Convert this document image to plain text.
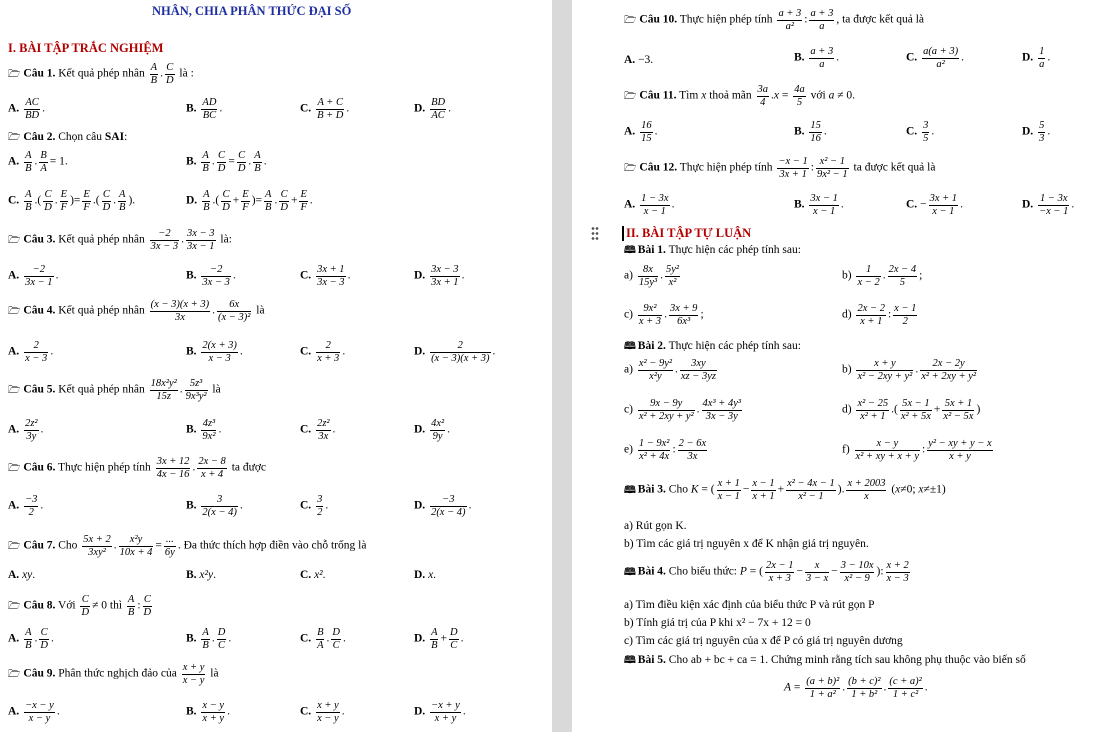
NHÂN, CHIA PHÂN THỨC ĐẠI SỐ
I. BÀI TẬP TRẮC NGHIỆM
🗁 Câu 1. Kết quả phép nhân $\frac{A}{B}$ . $\frac{C}{D}$ là :
A. $\frac{AC}{BD}$ .	B. $\frac{AD}{BC}$ .	C. $\frac{A + C}{B + D}$ .	D. $\frac{BD}{AC}$ .
🗁 Câu 2. Chọn câu SAI:
A. $\frac{A}{B}$ . $\frac{B}{A} = 1$.	B. $\frac{A}{B}$ . $\frac{C}{D} = \frac{C}{D}$ . $\frac{A}{B}$ .
C. $\frac{A}{B}$ .( $\frac{C}{D}$ . $\frac{E}{F}$ )= $\frac{E}{F}$ .( $\frac{C}{D}$ . $\frac{A}{B}$ ).	D. $\frac{A}{B}$ .( $\frac{C}{D} + \frac{E}{F}$ )= $\frac{A}{B}$ . $\frac{C}{D} + \frac{E}{F}$ .
🗁 Câu 3. Kết quả phép nhân $\frac{-2}{3x - 3}$ . $\frac{3x - 3}{3x - 1}$ là:
A. $\frac{-2}{3x - 1}$ .	B. $\frac{-2}{3x - 3}$ .	C. $\frac{3x + 1}{3x - 3}$ .	D. $\frac{3x - 3}{3x + 1}$ .
🗁 Câu 4. Kết quả phép nhân $\frac{(x - 3)(x + 3)}{3x}$ . $\frac{6x}{\text{(x − 3)²}}$ là
A. $\frac{2}{x - 3}$ .	B. $\frac{2(x + 3)}{x - 3}$ .	C. $\frac{2}{x + 3}$ .	D. $\frac{2}{(x - 3)(x + 3)}$ .
🗁 Câu 5. Kết quả phép nhân $\frac{\text{18x²y²}}{15z}$ . $\frac{\text{5z³}}{\text{9x³y²}}$ là
A. $\frac{\text{2z²}}{3y}$ .	B. $\frac{\text{4z³}}{\text{9x²}}$ .	C. $\frac{\text{2z²}}{3x}$ .	D. $\frac{\text{4x²}}{9y}$ .
🗁 Câu 6. Thực hiện phép tính $\frac{3x + 12}{4x - 16}$ . $\frac{2x - 8}{x + 4}$ ta được
A. $\frac{-3}{2}$ .	B. $\frac{3}{2(x - 4)}$ .	C. $\frac{3}{2}$ .	D. $\frac{-3}{2(x - 4)}$ .
🗁 Câu 7. Cho $\frac{5x + 2}{\text{3xy²}}$ . $\frac{\text{x²y}}{10x + 4}$ =
...
6y
. Đa thức thích hợp điền vào chỗ trống là
A. xy.	B. x²y.	C. x².	D. x.
🗁 Câu 8. Với $\frac{C}{D} \ne 0$ thì $\frac{A}{B}$ : $\frac{C}{D}$
A. $\frac{A}{B}$ . $\frac{C}{D}$ .	B. $\frac{A}{B}$ . $\frac{D}{C}$ .	C. $\frac{B}{A}$ . $\frac{D}{C}$ .	D. $\frac{A}{B} + \frac{D}{C}$ .
🗁 Câu 9. Phân thức nghịch đảo của $\frac{x + y}{x - y}$ là
A. $\frac{-x - y}{x - y}$ .	B. $\frac{x - y}{x + y}$ .	C. $\frac{x + y}{x - y}$ .	D. $\frac{-x + y}{x + y}$ .
🗁 Câu 10. Thực hiện phép tính $\frac{a + 3}{\text{a²}}$ : $\frac{a + 3}{a}$ , ta được kết quả là
A. −3.	B. $\frac{a + 3}{a}$ .	C. $\frac{a(a + 3)}{\text{a²}}$ .	D. $\frac{1}{a}$ .
🗁 Câu 11. Tìm x thoả mãn $\frac{3a}{4} .x = \frac{4a}{5}$ với a ≠ 0.
A. $\frac{16}{15}$ .	B. $\frac{15}{16}$ .	C. $\frac{3}{5}$ .	D. $\frac{5}{3}$ .
🗁 Câu 12. Thực hiện phép tính $\frac{-x - 1}{3x + 1}$ : $\frac{\text{x² − 1}}{\text{9x² − 1}}$ ta được kết quả là
A. $\frac{1 - 3x}{x - 1}$ .	B. $\frac{3x - 1}{x - 1}$ .	C. − $\frac{3x + 1}{x - 1}$ .	D. $\frac{1 - 3x}{-x - 1}$ .
II. BÀI TẬP TỰ LUẬN
🕮 Bài 1. Thực hiện các phép tính sau:
$a) \frac{8x}{\text{15y³}}$ . $\frac{\text{5y²}}{\text{x²}}$	$b) \frac{1}{x - 2}$ . $\frac{2x - 4}{5}$ ;
$c) \frac{\text{9x²}}{x + 3}$ . $\frac{3x + 9}{\text{6x³}}$ ;	$d) \frac{2x - 2}{x + 1}$ : $\frac{x - 1}{2}$
🕮 Bài 2. Thực hiện các phép tính sau:
$a) \frac{\text{x² − 9y²}}{\text{x²y}}$ . $\frac{3xy}{xz - 3yz}$	$b) \frac{x + y}{\text{x² − 2xy + y²}}$ . $\frac{2x - 2y}{\text{x² + 2xy + y²}}$
$c) \frac{9x - 9y}{\text{x² + 2xy + y²}}$ . $\frac{\text{4x³ + 4y³}}{3x - 3y}$	$d) \frac{\text{x² − 25}}{\text{x² + 1}}$ .( $\frac{5x - 1}{\text{x² + 5x}} + \frac{5x + 1}{\text{x² − 5x}}$ )
$e) \frac{\text{1 − 9x²}}{\text{x² + 4x}}$ : $\frac{2 - 6x}{3x}$	$f) \frac{x - y}{\text{x² + xy + x + y}}$ : $\frac{\text{y² − xy + y − x}}{x + y}$
🕮 Bài 3. Cho K = ( $\frac{x + 1}{x - 1} - \frac{x - 1}{x + 1} + \frac{\text{x² − 4x − 1}}{\text{x² − 1}}$ ). $\frac{x + 2003}{x} (x\ne 0$; x≠±1)
a) Rút gọn K.
b) Tìm các giá trị nguyên x để K nhận giá trị nguyên.
🕮 Bài 4. Cho biểu thức: P = ( $\frac{2x - 1}{x + 3} - \frac{x}{3 - x} - \frac{3 - 10x}{\text{x² − 9}}$ ): $\frac{x + 2}{x - 3}$
a) Tìm điều kiện xác định của biểu thức P và rút gọn P
b) Tính giá trị của P khi x² − 7x + 12 = 0
c) Tìm các giá trị nguyên của x để P có giá trị nguyên dương
🕮 Bài 5. Cho ab + bc + ca = 1. Chứng minh rằng tích sau không phụ thuộc vào biến số
$A = \frac{\text{(a + b)²}}{\text{1 + a²}}$ . $\frac{\text{(b + c)²}}{\text{1 + b²}}$ . $\frac{\text{(c + a)²}}{\text{1 + c²}}$ .
